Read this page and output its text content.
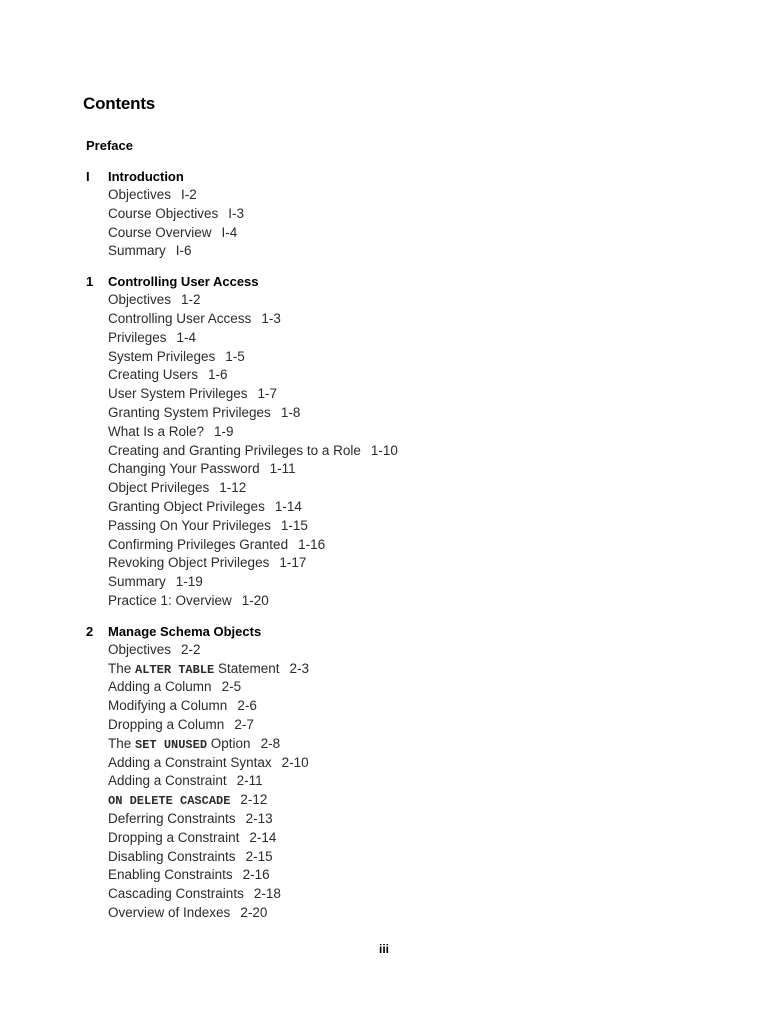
Contents
Preface
I	Introduction
Objectives I-2
Course Objectives I-3
Course Overview I-4
Summary I-6
1	Controlling User Access
Objectives 1-2
Controlling User Access 1-3
Privileges 1-4
System Privileges 1-5
Creating Users 1-6
User System Privileges 1-7
Granting System Privileges 1-8
What Is a Role? 1-9
Creating and Granting Privileges to a Role 1-10
Changing Your Password 1-11
Object Privileges 1-12
Granting Object Privileges 1-14
Passing On Your Privileges 1-15
Confirming Privileges Granted 1-16
Revoking Object Privileges 1-17
Summary 1-19
Practice 1: Overview 1-20
2	Manage Schema Objects
Objectives 2-2
The ALTER TABLE Statement 2-3
Adding a Column 2-5
Modifying a Column 2-6
Dropping a Column 2-7
The SET UNUSED Option 2-8
Adding a Constraint Syntax 2-10
Adding a Constraint 2-11
ON DELETE CASCADE 2-12
Deferring Constraints 2-13
Dropping a Constraint 2-14
Disabling Constraints 2-15
Enabling Constraints 2-16
Cascading Constraints 2-18
Overview of Indexes 2-20
iii
